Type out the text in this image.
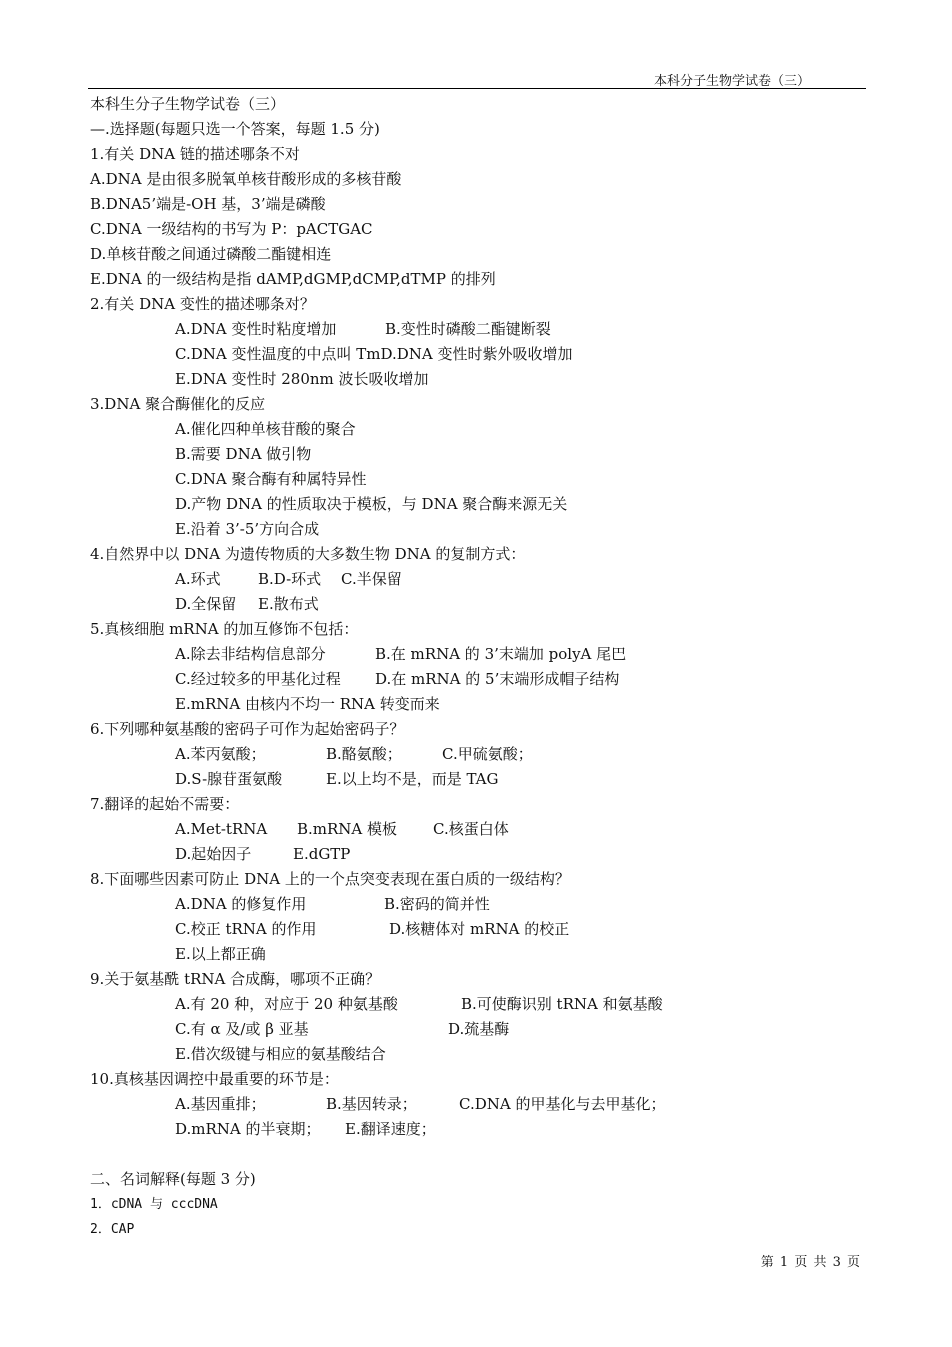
本科分子生物学试卷（三）
本科生分子生物学试卷（三）
—.选择题(每题只选一个答案，每题 1.5 分)
1.有关 DNA 链的描述哪条不对
A.DNA 是由很多脱氧单核苷酸形成的多核苷酸
B.DNA5’端是-OH 基，3’端是磷酸
C.DNA 一级结构的书写为 P：pACTGAC
D.单核苷酸之间通过磷酸二酯键相连
E.DNA 的一级结构是指 dAMP,dGMP,dCMP,dTMP 的排列
2.有关 DNA 变性的描述哪条对？
A.DNA 变性时粘度增加	B.变性时磷酸二酯键断裂
C.DNA 变性温度的中点叫 TmD.DNA 变性时紫外吸收增加
E.DNA 变性时 280nm 波长吸收增加
3.DNA 聚合酶催化的反应
A.催化四种单核苷酸的聚合
B.需要 DNA 做引物
C.DNA 聚合酶有种属特异性
D.产物 DNA 的性质取决于模板，与 DNA 聚合酶来源无关
E.沿着 3’-5’方向合成
4.自然界中以 DNA 为遗传物质的大多数生物 DNA 的复制方式：
A.环式 B.D-环式 C.半保留
D.全保留 E.散布式
5.真核细胞 mRNA 的加互修饰不包括：
A.除去非结构信息部分	B.在 mRNA 的 3’末端加 polyA 尾巴
C.经过较多的甲基化过程 D.在 mRNA 的 5’末端形成帽子结构
E.mRNA 由核内不均一 RNA 转变而来
6.下列哪种氨基酸的密码子可作为起始密码子？
A.苯丙氨酸；	B.酪氨酸；	C.甲硫氨酸；
D.S-腺苷蛋氨酸	E.以上均不是，而是 TAG
7.翻译的起始不需要：
A.Met-tRNA B.mRNA 模板 C.核蛋白体
D.起始因子	E.dGTP
8.下面哪些因素可防止 DNA 上的一个点突变表现在蛋白质的一级结构？
A.DNA 的修复作用	B.密码的简并性
C.校正 tRNA 的作用	D.核糖体对 mRNA 的校正
E.以上都正确
9.关于氨基酰 tRNA 合成酶，哪项不正确？
A.有 20 种，对应于 20 种氨基酸	B.可使酶识别 tRNA 和氨基酸
C.有 α 及/或 β 亚基	D.巯基酶
E.借次级键与相应的氨基酸结合
10.真核基因调控中最重要的环节是：
A.基因重排；	B.基因转录；	C.DNA 的甲基化与去甲基化；
D.mRNA 的半衰期； E.翻译速度；
二、名词解释(每题 3 分)
1．cDNA 与 cccDNA
2．CAP
第 1 页 共 3 页
